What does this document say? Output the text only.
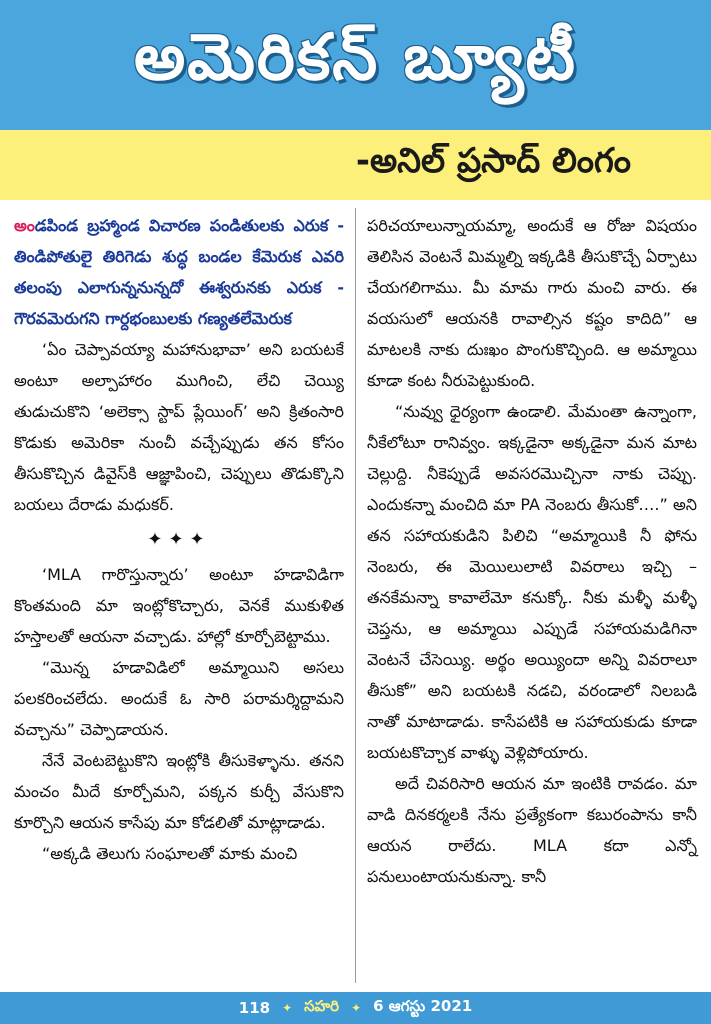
అమెరికన్ బ్యూటీ
-అనిల్ ప్రసాద్ లింగం

అండపిండ బ్రహ్మాండ విచారణ పండితులకు ఎరుక - తిండిపోతులై తిరిగెడు శుద్ధ బండల కేమెరుక ఎవరి తలంపు ఎలాగున్ననున్నదో ఈశ్వరునకు ఎరుక - గౌరవమెరుగని గార్దభంబులకు గణ్యతలేమెరుక

‘ఏం చెప్పావయ్యా మహానుభావా’ అని బయటకే అంటూ అల్పాహారం ముగించి, లేచి చెయ్యి తుడుచుకొని ‘అలెక్సా స్టాప్ ప్లేయింగ్’ అని క్రితంసారి కొడుకు అమెరికా నుంచీ వచ్చేప్పుడు తన కోసం తీసుకొచ్చిన డివైస్‌కి ఆజ్ఞాపించి, చెప్పులు తొడుక్కొని బయలు దేరాడు మధుకర్.

✦✦✦

‘MLA గారొస్తున్నారు’ అంటూ హడావిడిగా కొంతమంది మా ఇంట్లోకొచ్చారు, వెనకే ముకుళిత హస్తాలతో ఆయనా వచ్చాడు. హాల్లో కూర్చోబెట్టాము.

“మొన్న హడావిడిలో అమ్మాయిని అసలు పలకరించలేదు. అందుకే ఓ సారి పరామర్శిద్దామని వచ్చాను” చెప్పాడాయన.

నేనే వెంటబెట్టుకొని ఇంట్లోకి తీసుకెళ్ళాను. తనని మంచం మీదే కూర్చోమని, పక్కన కుర్చీ వేసుకొని కూర్చొని ఆయన కాసేపు మా కోడలితో మాట్లాడాడు.

“అక్కడి తెలుగు సంఘాలతో మాకు మంచి

పరిచయాలున్నాయమ్మా, అందుకే ఆ రోజు విషయం తెలిసిన వెంటనే మిమ్మల్ని ఇక్కడికి తీసుకొచ్చే ఏర్పాటు చేయగలిగాము. మీ మామ గారు మంచి వారు. ఈ వయసులో ఆయనకి రావాల్సిన కష్టం కాదిది” ఆ మాటలకి నాకు దుఃఖం పొంగుకొచ్చింది. ఆ అమ్మాయి కూడా కంట నీరుపెట్టుకుంది.

“నువ్వు ధైర్యంగా ఉండాలి. మేమంతా ఉన్నాంగా, నీకేలోటూ రానివ్వం. ఇక్కడైనా అక్కడైనా మన మాట చెల్లుద్ది. నీకెప్పుడే అవసరమొచ్చినా నాకు చెప్పు. ఎందుకన్నా మంచిది మా PA నెంబరు తీసుకో….” అని తన సహాయకుడిని పిలిచి “అమ్మాయికి నీ ఫోను నెంబరు, ఈ మెయిలులాటి వివరాలు ఇచ్చి – తనకేమన్నా కావాలేమో కనుక్కో. నీకు మళ్ళీ మళ్ళీ చెప్తను, ఆ అమ్మాయి ఎప్పుడే సహాయమడిగినా వెంటనే చేసెయ్యి. అర్థం అయ్యిందా అన్ని వివరాలూ తీసుకో” అని బయటకి నడచి, వరండాలో నిలబడి నాతో మాటాడాడు. కాసేపటికి ఆ సహాయకుడు కూడా బయటకొచ్చాక వాళ్ళు వెళ్లిపోయారు.

అదే చివరిసారి ఆయన మా ఇంటికి రావడం. మా వాడి దినకర్మలకి నేను ప్రత్యేకంగా కబురంపాను కానీ ఆయన రాలేదు. MLA కదా ఎన్నో పనులుంటాయనుకున్నా. కానీ

118 ✦ సహరి ✦ 6 ఆగస్టు 2021
